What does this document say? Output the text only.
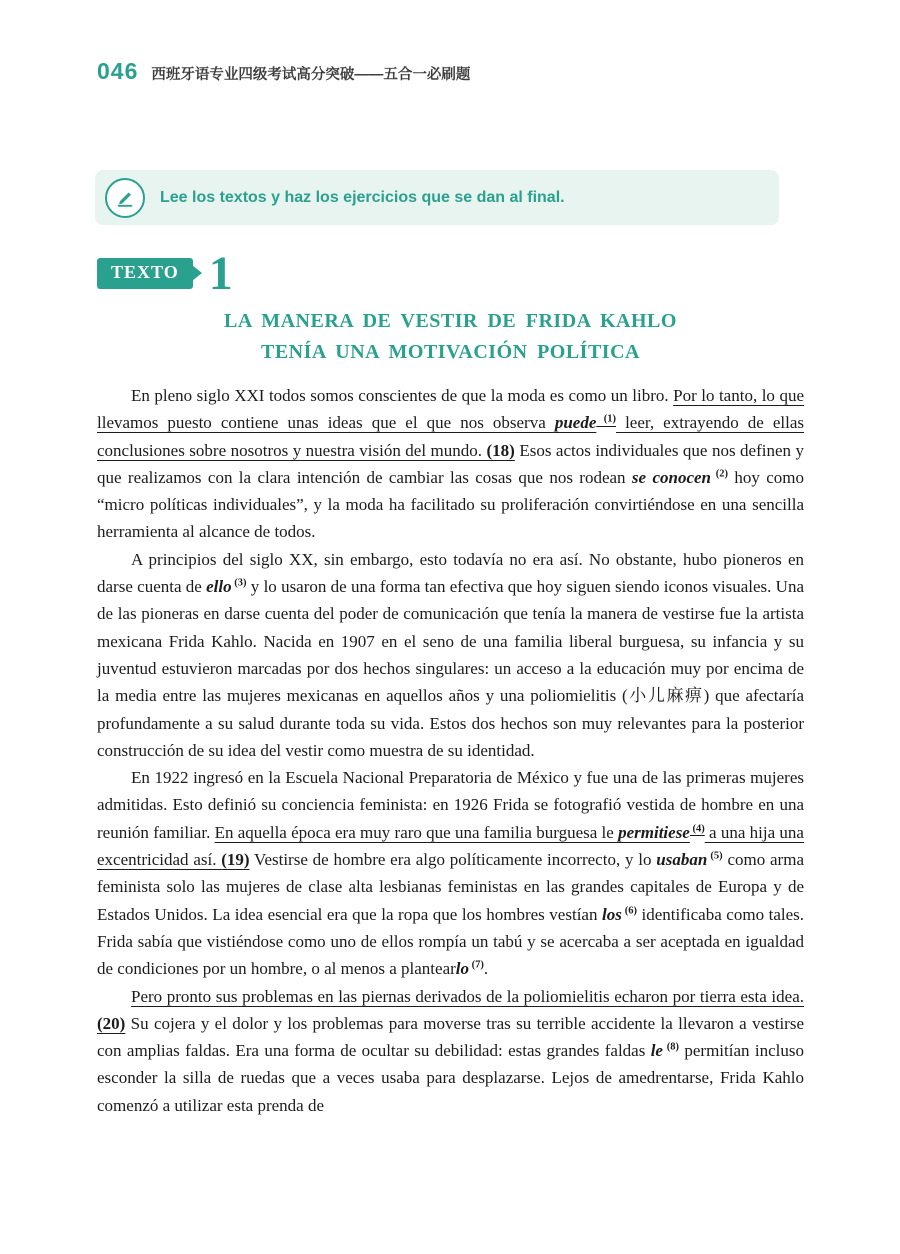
046 西班牙语专业四级考试高分突破——五合一必刷题
Lee los textos y haz los ejercicios que se dan al final.
TEXTO 1
LA MANERA DE VESTIR DE FRIDA KAHLO
TENÍA UNA MOTIVACIÓN POLÍTICA

En pleno siglo XXI todos somos conscientes de que la moda es como un libro. Por lo tanto, lo que llevamos puesto contiene unas ideas que el que nos observa puede $^{(1)}$ leer, extrayendo de ellas conclusiones sobre nosotros y nuestra visión del mundo. (18) Esos actos individuales que nos definen y que realizamos con la clara intención de cambiar las cosas que nos rodean se conocen $^{(2)}$ hoy como “micro políticas individuales”, y la moda ha facilitado su proliferación convirtiéndose en una sencilla herramienta al alcance de todos.

A principios del siglo XX, sin embargo, esto todavía no era así. No obstante, hubo pioneros en darse cuenta de ello $^{(3)}$ y lo usaron de una forma tan efectiva que hoy siguen siendo iconos visuales. Una de las pioneras en darse cuenta del poder de comunicación que tenía la manera de vestirse fue la artista mexicana Frida Kahlo. Nacida en 1907 en el seno de una familia liberal burguesa, su infancia y su juventud estuvieron marcadas por dos hechos singulares: un acceso a la educación muy por encima de la media entre las mujeres mexicanas en aquellos años y una poliomielitis (小儿麻痹) que afectaría profundamente a su salud durante toda su vida. Estos dos hechos son muy relevantes para la posterior construcción de su idea del vestir como muestra de su identidad.

En 1922 ingresó en la Escuela Nacional Preparatoria de México y fue una de las primeras mujeres admitidas. Esto definió su conciencia feminista: en 1926 Frida se fotografió vestida de hombre en una reunión familiar. En aquella época era muy raro que una familia burguesa le permitiese $^{(4)}$ a una hija una excentricidad así. (19) Vestirse de hombre era algo políticamente incorrecto, y lo usaban $^{(5)}$ como arma feminista solo las mujeres de clase alta lesbianas feministas en las grandes capitales de Europa y de Estados Unidos. La idea esencial era que la ropa que los hombres vestían los $^{(6)}$ identificaba como tales. Frida sabía que vistiéndose como uno de ellos rompía un tabú y se acercaba a ser aceptada en igualdad de condiciones por un hombre, o al menos a plantearlo $^{(7)}$.

Pero pronto sus problemas en las piernas derivados de la poliomielitis echaron por tierra esta idea. (20) Su cojera y el dolor y los problemas para moverse tras su terrible accidente la llevaron a vestirse con amplias faldas. Era una forma de ocultar su debilidad: estas grandes faldas le $^{(8)}$ permitían incluso esconder la silla de ruedas que a veces usaba para desplazarse. Lejos de amedrentarse, Frida Kahlo comenzó a utilizar esta prenda de
